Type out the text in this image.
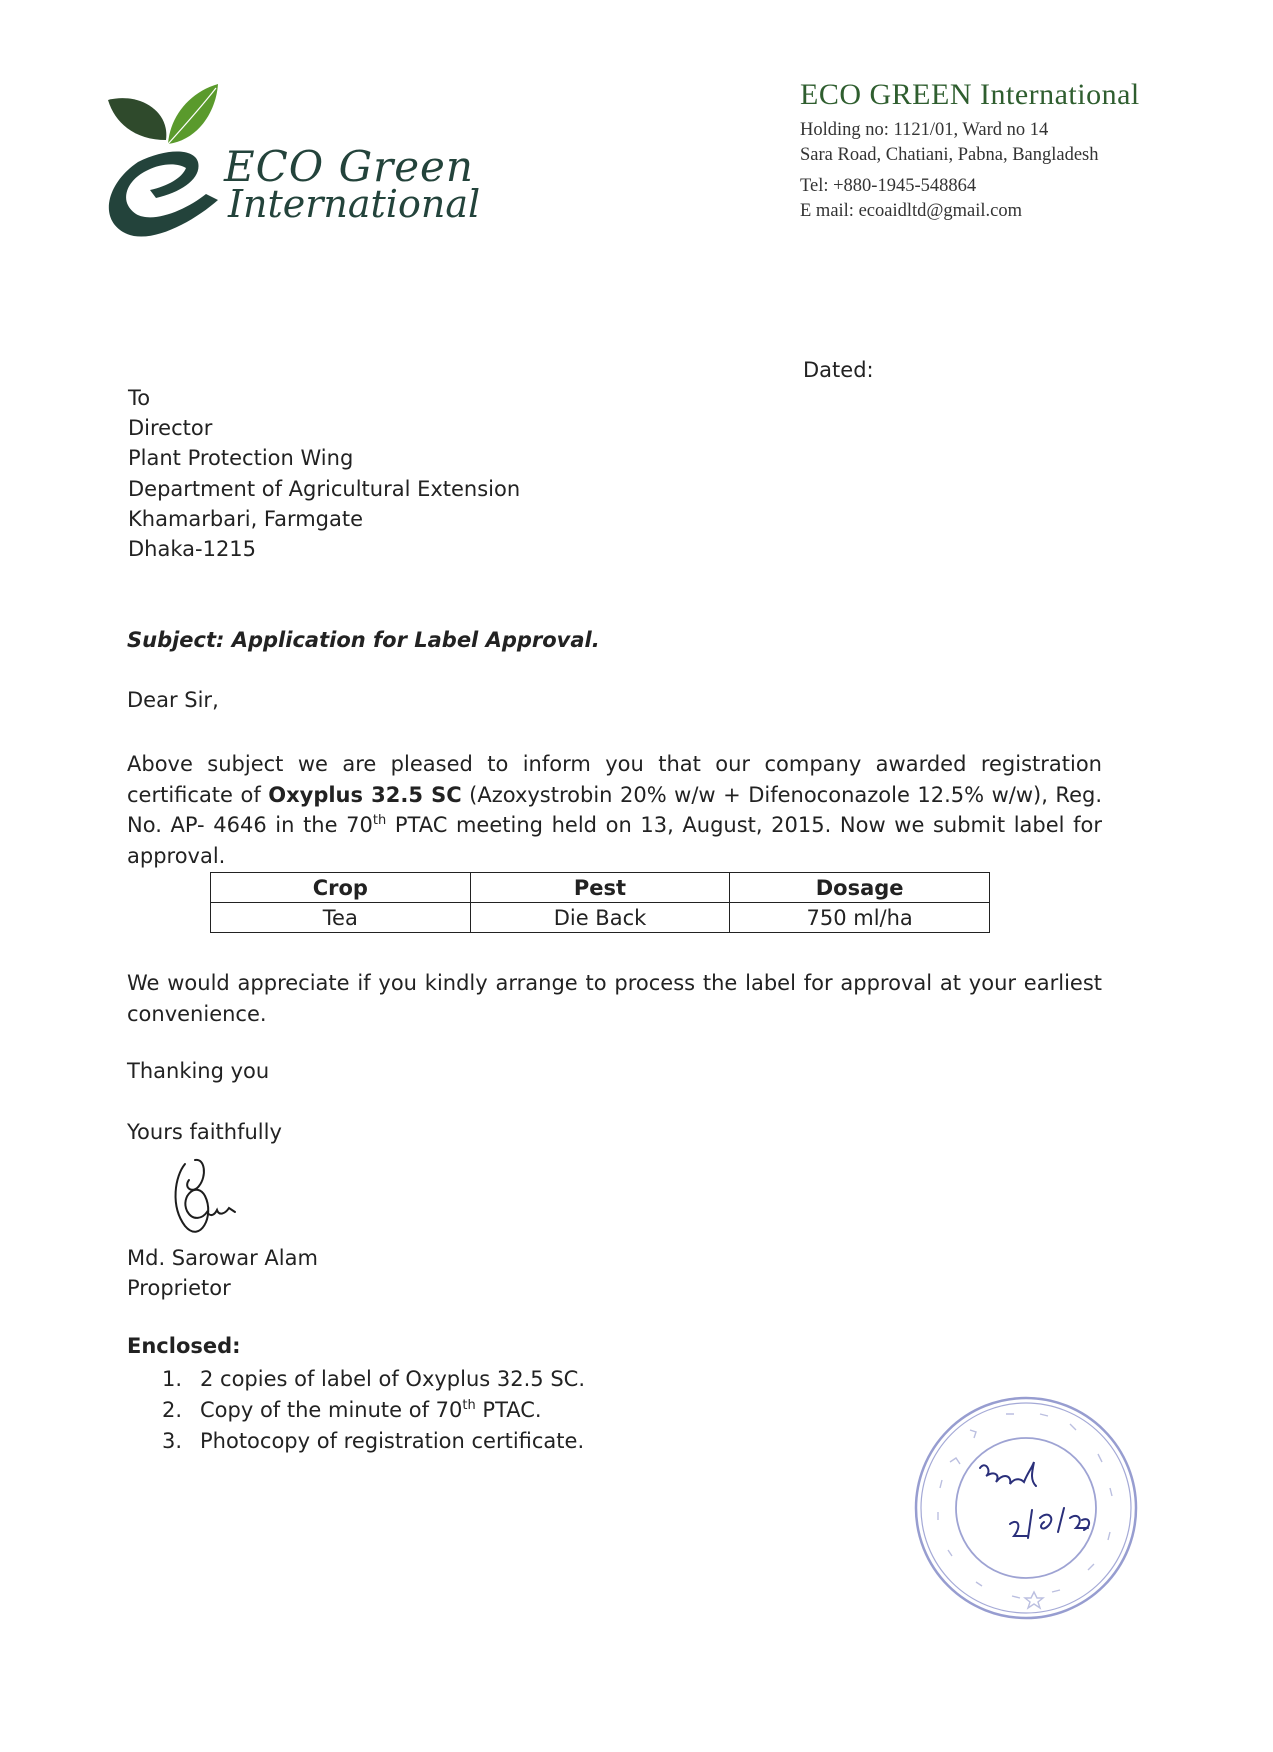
ECO Green
International
ECO GREEN International
Holding no: 1121/01, Ward no 14
Sara Road, Chatiani, Pabna, Bangladesh
Tel: +880-1945-548864
E mail: ecoaidltd@gmail.com
Dated:
To
Director
Plant Protection Wing
Department of Agricultural Extension
Khamarbari, Farmgate
Dhaka-1215
Subject: Application for Label Approval.
Dear Sir,
Above subject we are pleased to inform you that our company awarded registration certificate of Oxyplus 32.5 SC (Azoxystrobin 20% w/w + Difenoconazole 12.5% w/w), Reg. No. AP- 4646 in the 70th PTAC meeting held on 13, August, 2015. Now we submit label for approval.
Crop	Pest	Dosage
Tea	Die Back	750 ml/ha
We would appreciate if you kindly arrange to process the label for approval at your earliest convenience.
Thanking you
Yours faithfully
Md. Sarowar Alam
Proprietor
Enclosed:
1. 2 copies of label of Oxyplus 32.5 SC.
2. Copy of the minute of 70th PTAC.
3. Photocopy of registration certificate.
